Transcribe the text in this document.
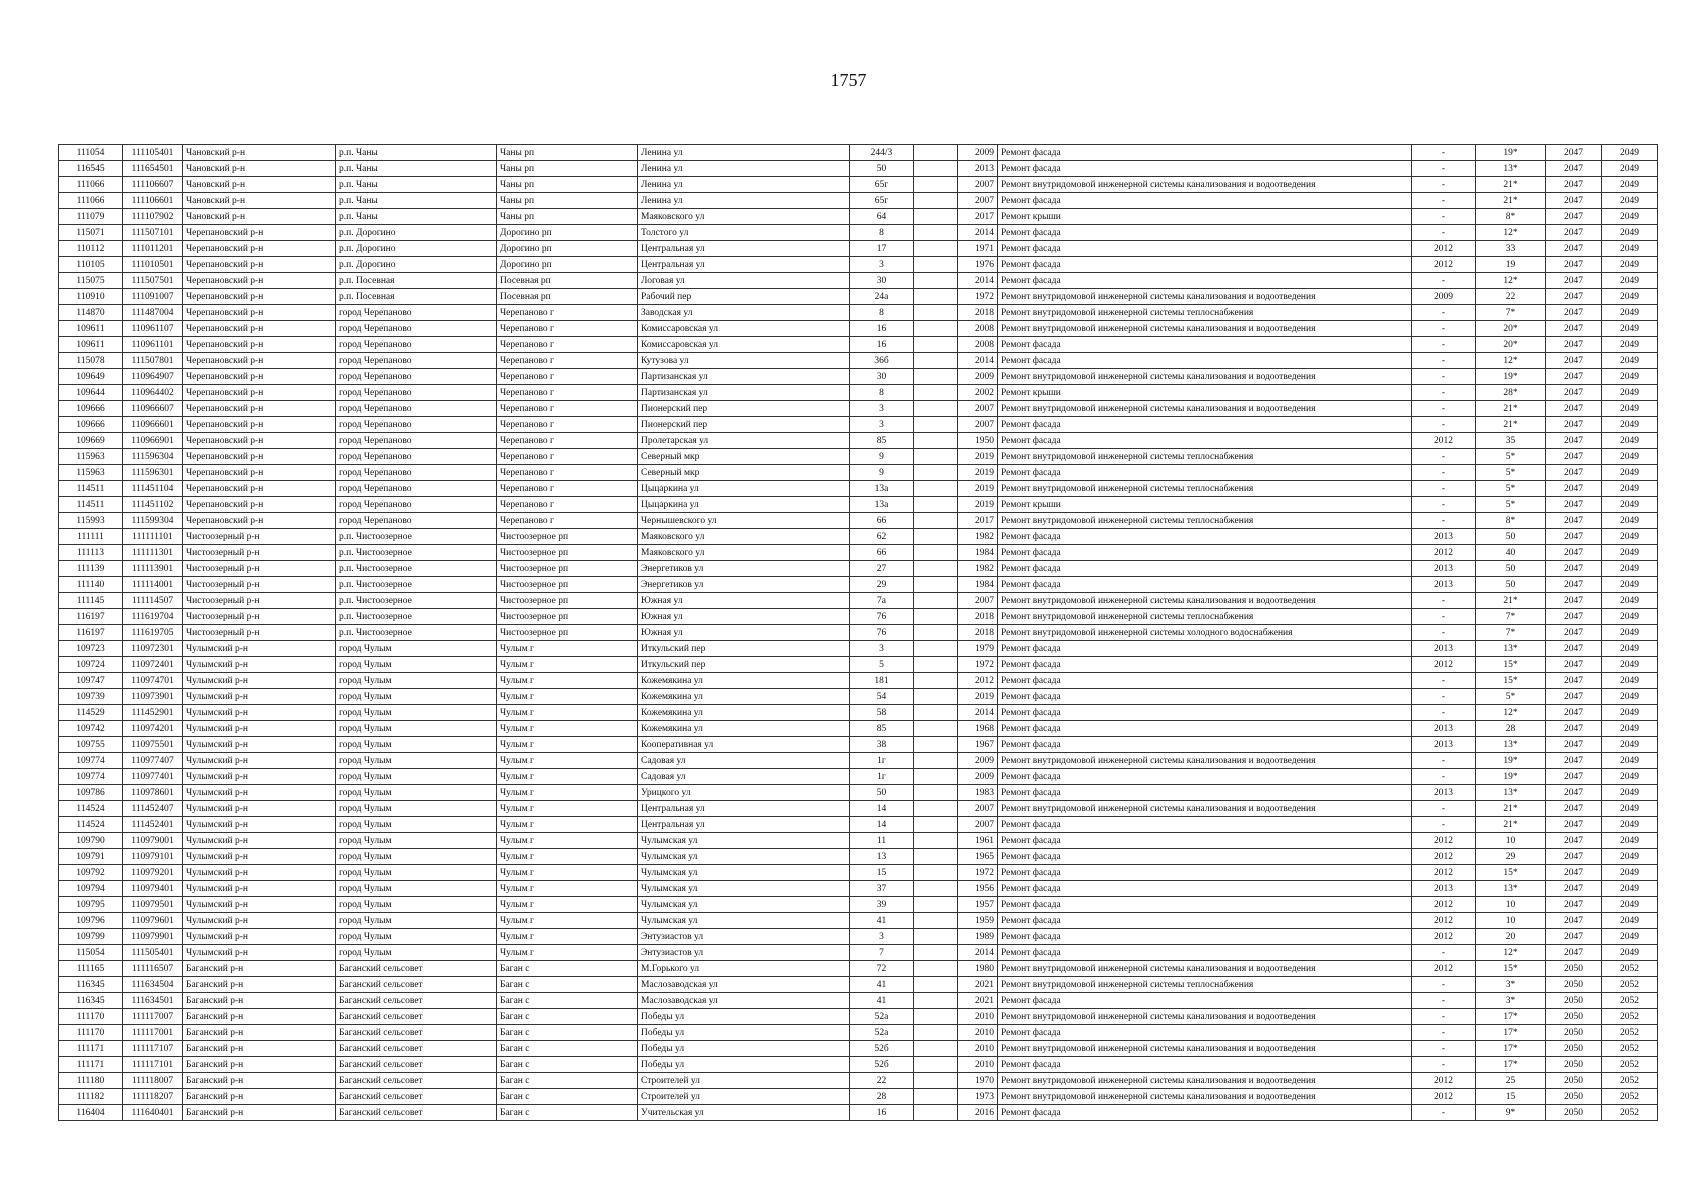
1757
111054	111105401	Чановский р-н	р.п. Чаны	Чаны рп	Ленина ул	244/3		2009	Ремонт фасада	-	19*	2047	2049
116545	111654501	Чановский р-н	р.п. Чаны	Чаны рп	Ленина ул	50		2013	Ремонт фасада	-	13*	2047	2049
111066	111106607	Чановский р-н	р.п. Чаны	Чаны рп	Ленина ул	65г		2007	Ремонт внутридомовой инженерной системы канализования и водоотведения	-	21*	2047	2049
111066	111106601	Чановский р-н	р.п. Чаны	Чаны рп	Ленина ул	65г		2007	Ремонт фасада	-	21*	2047	2049
111079	111107902	Чановский р-н	р.п. Чаны	Чаны рп	Маяковского ул	64		2017	Ремонт крыши	-	8*	2047	2049
115071	111507101	Черепановский р-н	р.п. Дорогино	Дорогино рп	Толстого ул	8		2014	Ремонт фасада	-	12*	2047	2049
110112	111011201	Черепановский р-н	р.п. Дорогино	Дорогино рп	Центральная ул	17		1971	Ремонт фасада	2012	33	2047	2049
110105	111010501	Черепановский р-н	р.п. Дорогино	Дорогино рп	Центральная ул	3		1976	Ремонт фасада	2012	19	2047	2049
115075	111507501	Черепановский р-н	р.п. Посевная	Посевная рп	Логовая ул	30		2014	Ремонт фасада	-	12*	2047	2049
110910	111091007	Черепановский р-н	р.п. Посевная	Посевная рп	Рабочий пер	24а		1972	Ремонт внутридомовой инженерной системы канализования и водоотведения	2009	22	2047	2049
114870	111487004	Черепановский р-н	город Черепаново	Черепаново г	Заводская ул	8		2018	Ремонт внутридомовой инженерной системы теплоснабжения	-	7*	2047	2049
109611	110961107	Черепановский р-н	город Черепаново	Черепаново г	Комиссаровская ул	16		2008	Ремонт внутридомовой инженерной системы канализования и водоотведения	-	20*	2047	2049
109611	110961101	Черепановский р-н	город Черепаново	Черепаново г	Комиссаровская ул	16		2008	Ремонт фасада	-	20*	2047	2049
115078	111507801	Черепановский р-н	город Черепаново	Черепаново г	Кутузова ул	36б		2014	Ремонт фасада	-	12*	2047	2049
109649	110964907	Черепановский р-н	город Черепаново	Черепаново г	Партизанская ул	30		2009	Ремонт внутридомовой инженерной системы канализования и водоотведения	-	19*	2047	2049
109644	110964402	Черепановский р-н	город Черепаново	Черепаново г	Партизанская ул	8		2002	Ремонт крыши	-	28*	2047	2049
109666	110966607	Черепановский р-н	город Черепаново	Черепаново г	Пионерский пер	3		2007	Ремонт внутридомовой инженерной системы канализования и водоотведения	-	21*	2047	2049
109666	110966601	Черепановский р-н	город Черепаново	Черепаново г	Пионерский пер	3		2007	Ремонт фасада	-	21*	2047	2049
109669	110966901	Черепановский р-н	город Черепаново	Черепаново г	Пролетарская ул	85		1950	Ремонт фасада	2012	35	2047	2049
115963	111596304	Черепановский р-н	город Черепаново	Черепаново г	Северный мкр	9		2019	Ремонт внутридомовой инженерной системы теплоснабжения	-	5*	2047	2049
115963	111596301	Черепановский р-н	город Черепаново	Черепаново г	Северный мкр	9		2019	Ремонт фасада	-	5*	2047	2049
114511	111451104	Черепановский р-н	город Черепаново	Черепаново г	Цыцаркина ул	13а		2019	Ремонт внутридомовой инженерной системы теплоснабжения	-	5*	2047	2049
114511	111451102	Черепановский р-н	город Черепаново	Черепаново г	Цыцаркина ул	13а		2019	Ремонт крыши	-	5*	2047	2049
115993	111599304	Черепановский р-н	город Черепаново	Черепаново г	Чернышевского ул	66		2017	Ремонт внутридомовой инженерной системы теплоснабжения	-	8*	2047	2049
111111	111111101	Чистоозерный р-н	р.п. Чистоозерное	Чистоозерное рп	Маяковского ул	62		1982	Ремонт фасада	2013	50	2047	2049
111113	111111301	Чистоозерный р-н	р.п. Чистоозерное	Чистоозерное рп	Маяковского ул	66		1984	Ремонт фасада	2012	40	2047	2049
111139	111113901	Чистоозерный р-н	р.п. Чистоозерное	Чистоозерное рп	Энергетиков ул	27		1982	Ремонт фасада	2013	50	2047	2049
111140	111114001	Чистоозерный р-н	р.п. Чистоозерное	Чистоозерное рп	Энергетиков ул	29		1984	Ремонт фасада	2013	50	2047	2049
111145	111114507	Чистоозерный р-н	р.п. Чистоозерное	Чистоозерное рп	Южная ул	7а		2007	Ремонт внутридомовой инженерной системы канализования и водоотведения	-	21*	2047	2049
116197	111619704	Чистоозерный р-н	р.п. Чистоозерное	Чистоозерное рп	Южная ул	76		2018	Ремонт внутридомовой инженерной системы теплоснабжения	-	7*	2047	2049
116197	111619705	Чистоозерный р-н	р.п. Чистоозерное	Чистоозерное рп	Южная ул	76		2018	Ремонт внутридомовой инженерной системы холодного водоснабжения	-	7*	2047	2049
109723	110972301	Чулымский р-н	город Чулым	Чулым г	Иткульский пер	3		1979	Ремонт фасада	2013	13*	2047	2049
109724	110972401	Чулымский р-н	город Чулым	Чулым г	Иткульский пер	5		1972	Ремонт фасада	2012	15*	2047	2049
109747	110974701	Чулымский р-н	город Чулым	Чулым г	Кожемякина ул	181		2012	Ремонт фасада	-	15*	2047	2049
109739	110973901	Чулымский р-н	город Чулым	Чулым г	Кожемякина ул	54		2019	Ремонт фасада	-	5*	2047	2049
114529	111452901	Чулымский р-н	город Чулым	Чулым г	Кожемякина ул	58		2014	Ремонт фасада	-	12*	2047	2049
109742	110974201	Чулымский р-н	город Чулым	Чулым г	Кожемякина ул	85		1968	Ремонт фасада	2013	28	2047	2049
109755	110975501	Чулымский р-н	город Чулым	Чулым г	Кооперативная ул	38		1967	Ремонт фасада	2013	13*	2047	2049
109774	110977407	Чулымский р-н	город Чулым	Чулым г	Садовая ул	1г		2009	Ремонт внутридомовой инженерной системы канализования и водоотведения	-	19*	2047	2049
109774	110977401	Чулымский р-н	город Чулым	Чулым г	Садовая ул	1г		2009	Ремонт фасада	-	19*	2047	2049
109786	110978601	Чулымский р-н	город Чулым	Чулым г	Урицкого ул	50		1983	Ремонт фасада	2013	13*	2047	2049
114524	111452407	Чулымский р-н	город Чулым	Чулым г	Центральная ул	14		2007	Ремонт внутридомовой инженерной системы канализования и водоотведения	-	21*	2047	2049
114524	111452401	Чулымский р-н	город Чулым	Чулым г	Центральная ул	14		2007	Ремонт фасада	-	21*	2047	2049
109790	110979001	Чулымский р-н	город Чулым	Чулым г	Чулымская ул	11		1961	Ремонт фасада	2012	10	2047	2049
109791	110979101	Чулымский р-н	город Чулым	Чулым г	Чулымская ул	13		1965	Ремонт фасада	2012	29	2047	2049
109792	110979201	Чулымский р-н	город Чулым	Чулым г	Чулымская ул	15		1972	Ремонт фасада	2012	15*	2047	2049
109794	110979401	Чулымский р-н	город Чулым	Чулым г	Чулымская ул	37		1956	Ремонт фасада	2013	13*	2047	2049
109795	110979501	Чулымский р-н	город Чулым	Чулым г	Чулымская ул	39		1957	Ремонт фасада	2012	10	2047	2049
109796	110979601	Чулымский р-н	город Чулым	Чулым г	Чулымская ул	41		1959	Ремонт фасада	2012	10	2047	2049
109799	110979901	Чулымский р-н	город Чулым	Чулым г	Энтузиастов ул	3		1989	Ремонт фасада	2012	20	2047	2049
115054	111505401	Чулымский р-н	город Чулым	Чулым г	Энтузиастов ул	7		2014	Ремонт фасада	-	12*	2047	2049
111165	111116507	Баганский р-н	Баганский сельсовет	Баган с	М.Горького ул	72		1980	Ремонт внутридомовой инженерной системы канализования и водоотведения	2012	15*	2050	2052
116345	111634504	Баганский р-н	Баганский сельсовет	Баган с	Маслозаводская ул	41		2021	Ремонт внутридомовой инженерной системы теплоснабжения	-	3*	2050	2052
116345	111634501	Баганский р-н	Баганский сельсовет	Баган с	Маслозаводская ул	41		2021	Ремонт фасада	-	3*	2050	2052
111170	111117007	Баганский р-н	Баганский сельсовет	Баган с	Победы ул	52а		2010	Ремонт внутридомовой инженерной системы канализования и водоотведения	-	17*	2050	2052
111170	111117001	Баганский р-н	Баганский сельсовет	Баган с	Победы ул	52а		2010	Ремонт фасада	-	17*	2050	2052
111171	111117107	Баганский р-н	Баганский сельсовет	Баган с	Победы ул	52б		2010	Ремонт внутридомовой инженерной системы канализования и водоотведения	-	17*	2050	2052
111171	111117101	Баганский р-н	Баганский сельсовет	Баган с	Победы ул	52б		2010	Ремонт фасада	-	17*	2050	2052
111180	111118007	Баганский р-н	Баганский сельсовет	Баган с	Строителей ул	22		1970	Ремонт внутридомовой инженерной системы канализования и водоотведения	2012	25	2050	2052
111182	111118207	Баганский р-н	Баганский сельсовет	Баган с	Строителей ул	28		1973	Ремонт внутридомовой инженерной системы канализования и водоотведения	2012	15	2050	2052
116404	111640401	Баганский р-н	Баганский сельсовет	Баган с	Учительская ул	16		2016	Ремонт фасада	-	9*	2050	2052
